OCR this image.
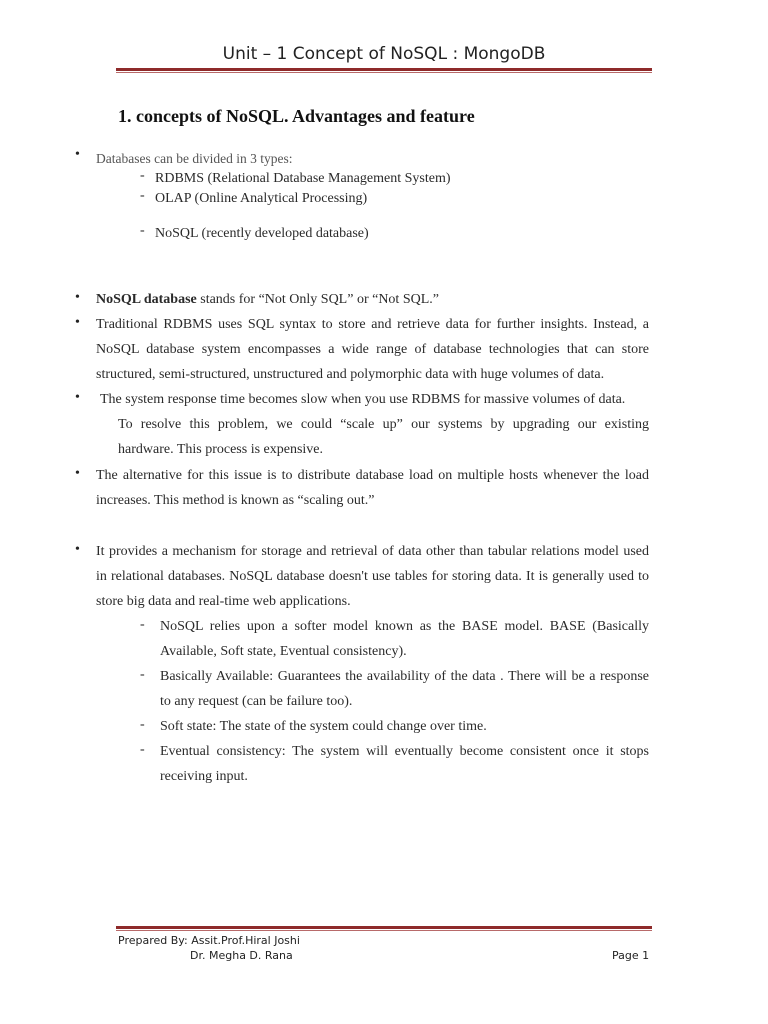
Unit – 1 Concept of NoSQL : MongoDB
1. concepts of NoSQL. Advantages and feature
• Databases can be divided in 3 types:
- RDBMS (Relational Database Management System)
- OLAP (Online Analytical Processing)
- NoSQL (recently developed database)
• NoSQL database stands for “Not Only SQL” or “Not SQL.”
• Traditional RDBMS uses SQL syntax to store and retrieve data for further insights. Instead, a
NoSQL database system encompasses a wide range of database technologies that can store
structured, semi-structured, unstructured and polymorphic data with huge volumes of data.
• The system response time becomes slow when you use RDBMS for massive volumes of data.
To resolve this problem, we could “scale up” our systems by upgrading our existing
hardware. This process is expensive.
• The alternative for this issue is to distribute database load on multiple hosts whenever the load
increases. This method is known as “scaling out.”
• It provides a mechanism for storage and retrieval of data other than tabular relations model used
in relational databases. NoSQL database doesn't use tables for storing data. It is generally used to
store big data and real-time web applications.
- NoSQL relies upon a softer model known as the BASE model. BASE (Basically
Available, Soft state, Eventual consistency).
- Basically Available: Guarantees the availability of the data . There will be a response
to any request (can be failure too).
- Soft state: The state of the system could change over time.
- Eventual consistency: The system will eventually become consistent once it stops
receiving input.
Prepared By: Assit.Prof.Hiral Joshi
Dr. Megha D. Rana	Page 1
